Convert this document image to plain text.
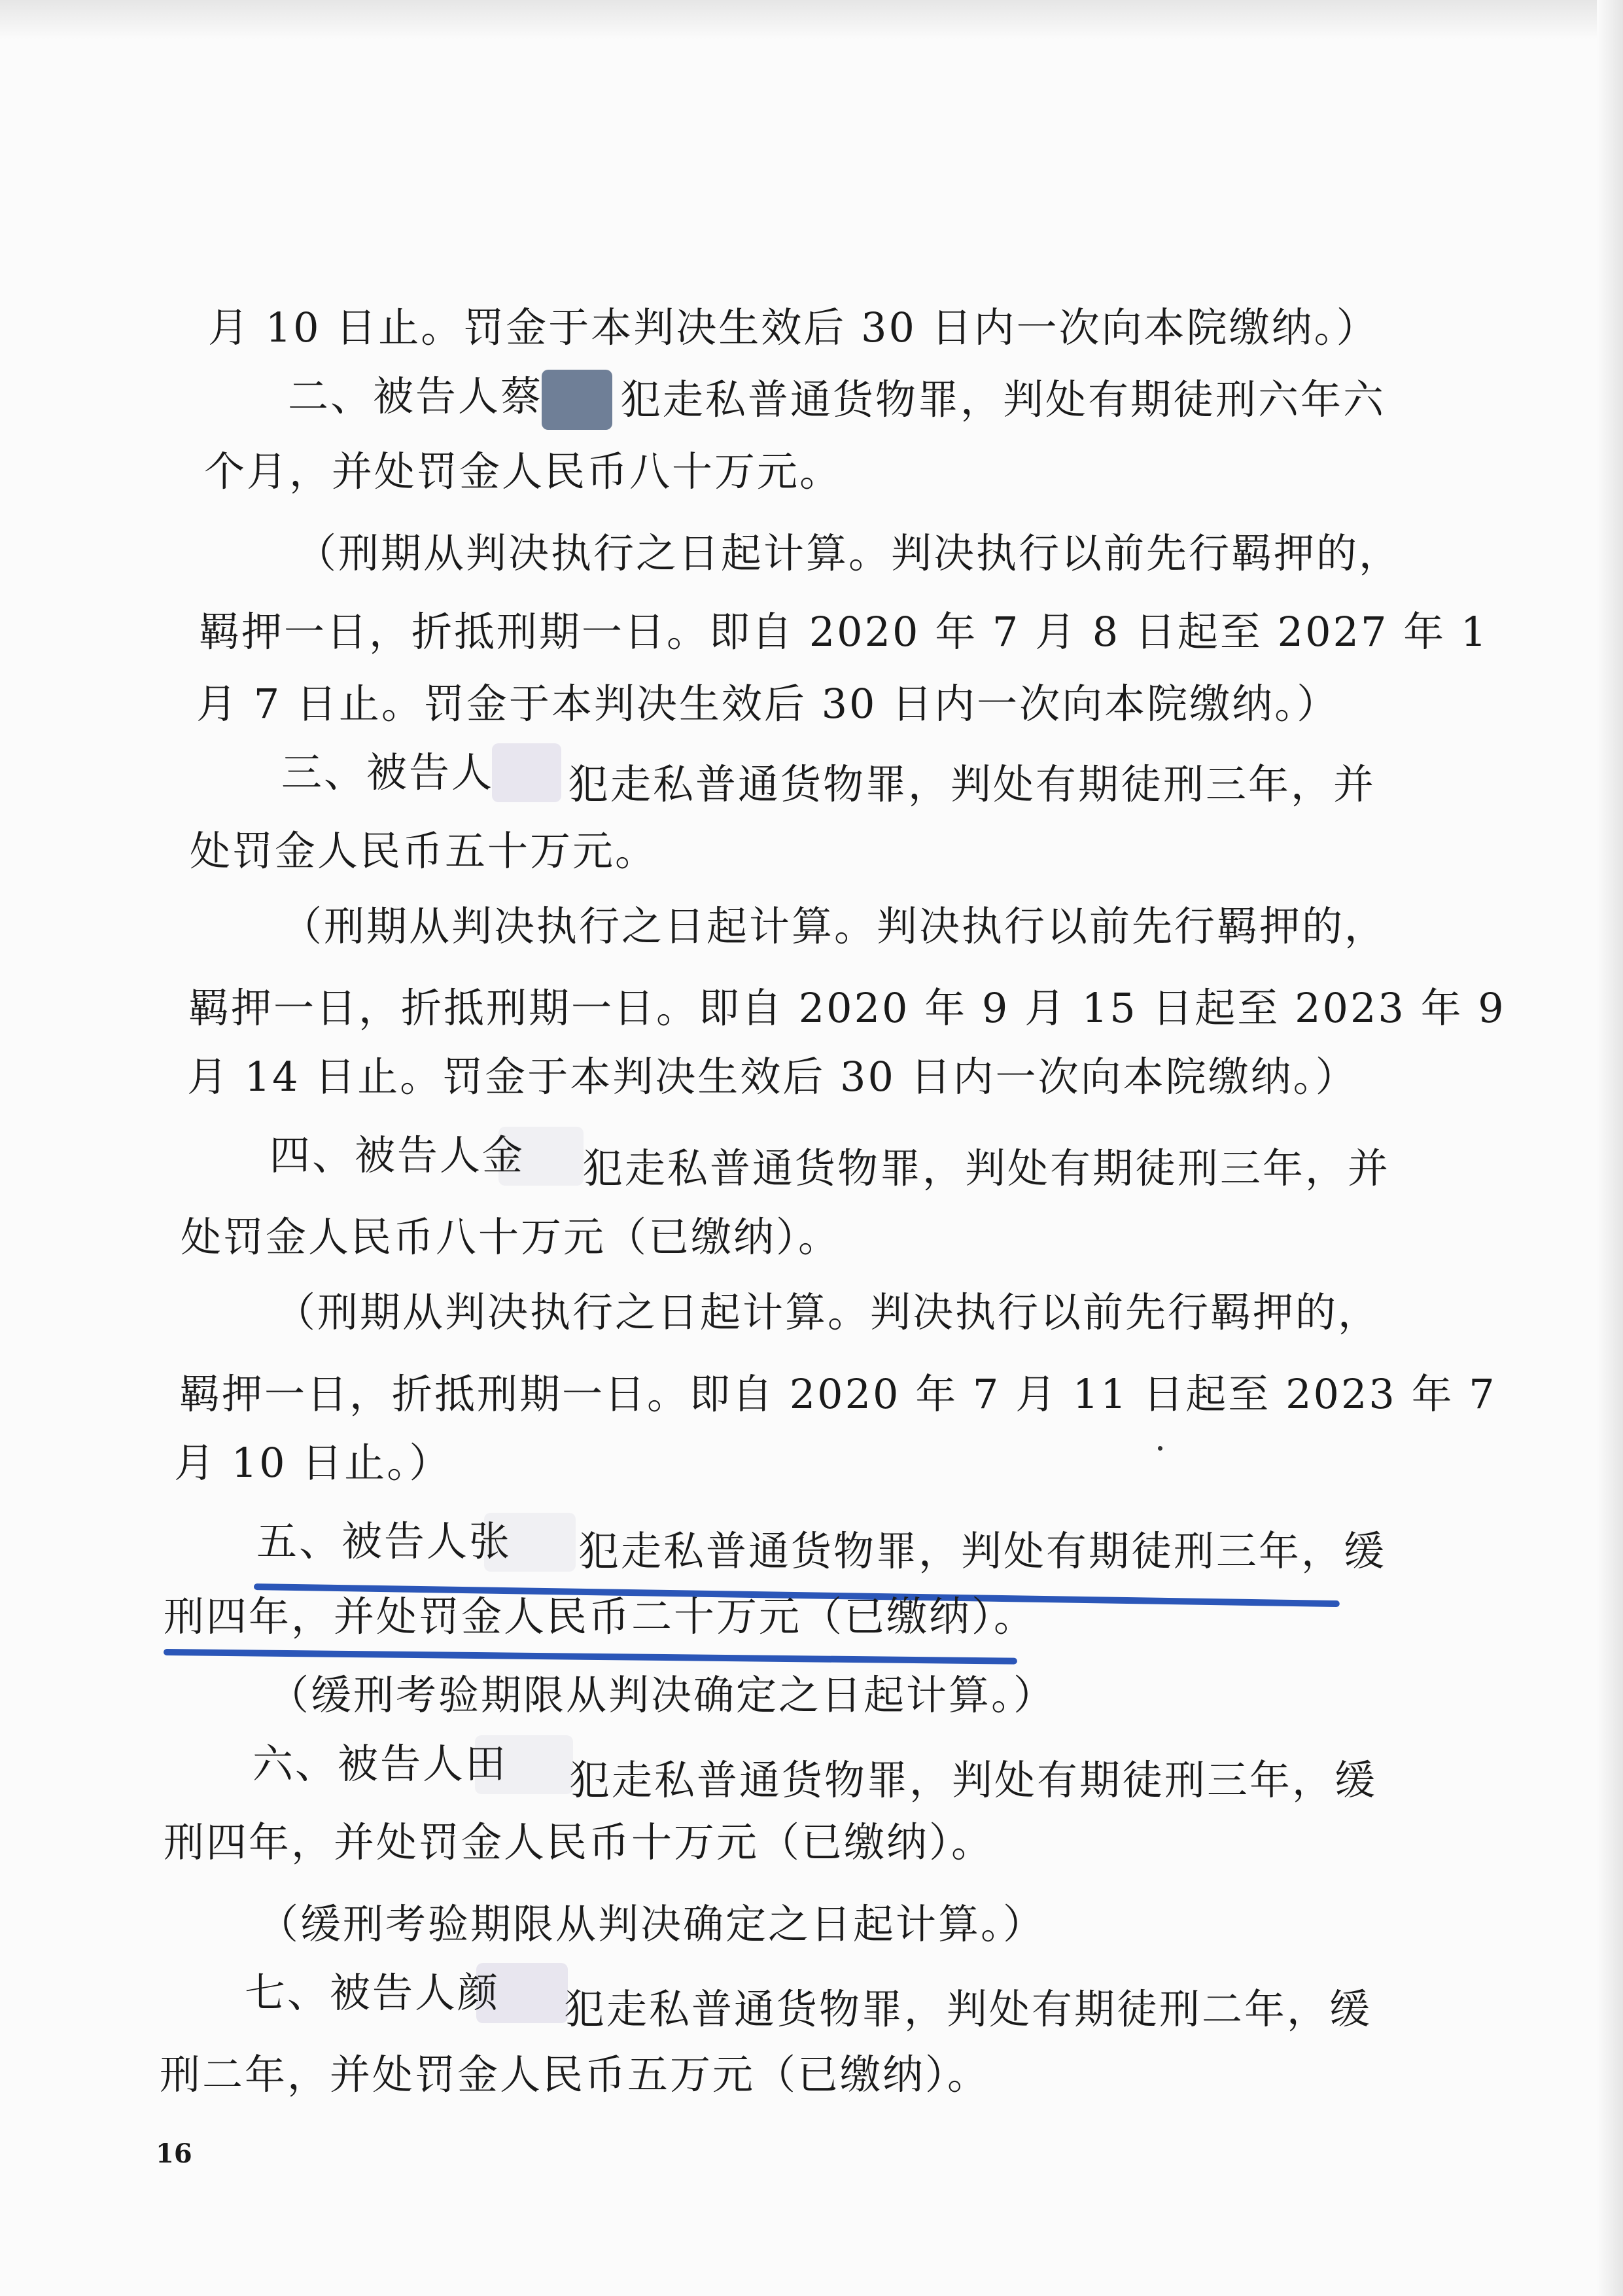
月 10 日止。罚金于本判决生效后 30 日内一次向本院缴纳。）
二、被告人蔡 犯走私普通货物罪，判处有期徒刑六年六
个月，并处罚金人民币八十万元。
（刑期从判决执行之日起计算。判决执行以前先行羁押的，
羁押一日，折抵刑期一日。即自 2020 年 7 月 8 日起至 2027 年 1
月 7 日止。罚金于本判决生效后 30 日内一次向本院缴纳。）
三、被告人 犯走私普通货物罪，判处有期徒刑三年，并
处罚金人民币五十万元。
（刑期从判决执行之日起计算。判决执行以前先行羁押的，
羁押一日，折抵刑期一日。即自 2020 年 9 月 15 日起至 2023 年 9
月 14 日止。罚金于本判决生效后 30 日内一次向本院缴纳。）
四、被告人金 犯走私普通货物罪，判处有期徒刑三年，并
处罚金人民币八十万元（已缴纳）。
（刑期从判决执行之日起计算。判决执行以前先行羁押的，
羁押一日，折抵刑期一日。即自 2020 年 7 月 11 日起至 2023 年 7
月 10 日止。）
五、被告人张 犯走私普通货物罪，判处有期徒刑三年，缓
刑四年，并处罚金人民币二十万元（已缴纳）。
（缓刑考验期限从判决确定之日起计算。）
六、被告人田 犯走私普通货物罪，判处有期徒刑三年，缓
刑四年，并处罚金人民币十万元（已缴纳）。
（缓刑考验期限从判决确定之日起计算。）
七、被告人颜 犯走私普通货物罪，判处有期徒刑二年，缓
刑二年，并处罚金人民币五万元（已缴纳）。
16
